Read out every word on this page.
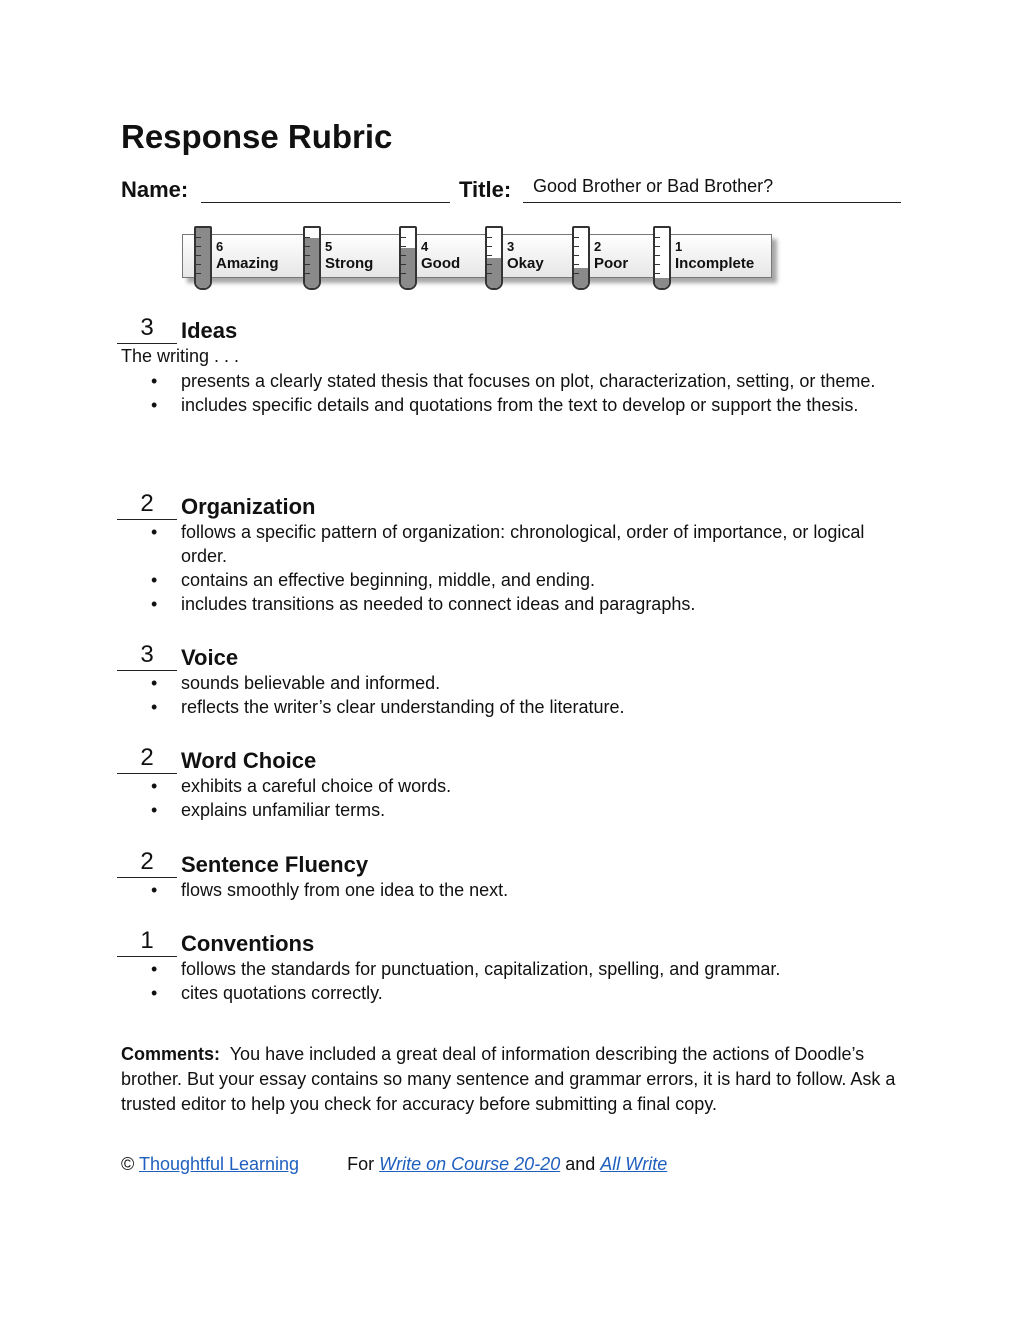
Response Rubric
Name:	Title: Good Brother or Bad Brother?
6
Amazing
5
Strong
4
Good
3
Okay
2
Poor
1
Incomplete
3	Ideas
The writing . . .
• presents a clearly stated thesis that focuses on plot, characterization, setting, or theme.
• includes specific details and quotations from the text to develop or support the thesis.
2	Organization
• follows a specific pattern of organization: chronological, order of importance, or logical order.
• contains an effective beginning, middle, and ending.
• includes transitions as needed to connect ideas and paragraphs.
3	Voice
• sounds believable and informed.
• reflects the writer’s clear understanding of the literature.
2	Word Choice
• exhibits a careful choice of words.
• explains unfamiliar terms.
2	Sentence Fluency
• flows smoothly from one idea to the next.
1	Conventions
• follows the standards for punctuation, capitalization, spelling, and grammar.
• cites quotations correctly.
Comments: You have included a great deal of information describing the actions of Doodle’s brother. But your essay contains so many sentence and grammar errors, it is hard to follow. Ask a trusted editor to help you check for accuracy before submitting a final copy.
© Thoughtful Learning	For Write on Course 20-20 and All Write
